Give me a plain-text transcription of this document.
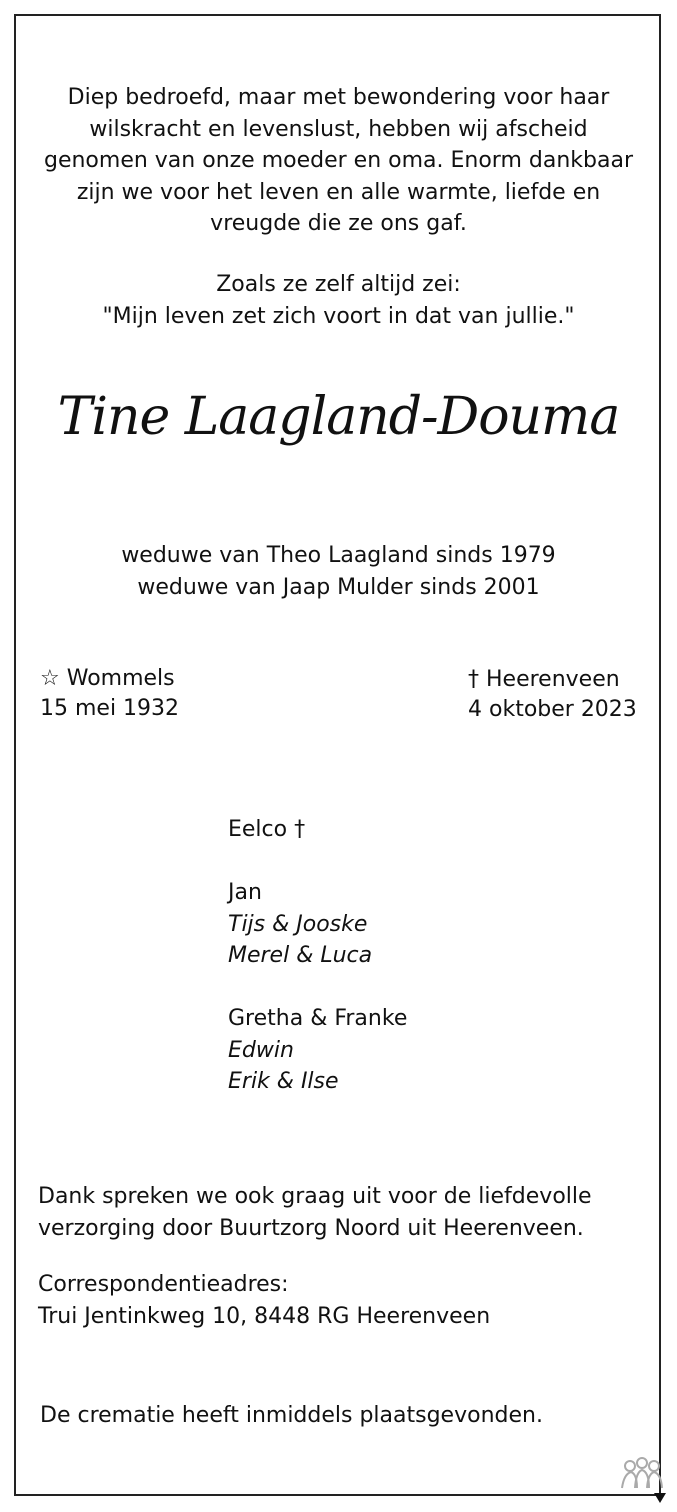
Diep bedroefd, maar met bewondering voor haar

wilskracht en levenslust, hebben wij afscheid

genomen van onze moeder en oma. Enorm dankbaar

zijn we voor het leven en alle warmte, liefde en

vreugde die ze ons gaf.

Zoals ze zelf altijd zei:

"Mijn leven zet zich voort in dat van jullie."

Tine Laagland-Douma

weduwe van Theo Laagland sinds 1979

weduwe van Jaap Mulder sinds 2001

☆ Wommels

15 mei 1932

† Heerenveen

4 oktober 2023

Eelco †

Jan

Tijs & Jooske

Merel & Luca

Gretha & Franke

Edwin

Erik & Ilse

Dank spreken we ook graag uit voor de liefdevolle

verzorging door Buurtzorg Noord uit Heerenveen.

Correspondentieadres:

Trui Jentinkweg 10, 8448 RG Heerenveen

De crematie heeft inmiddels plaatsgevonden.
